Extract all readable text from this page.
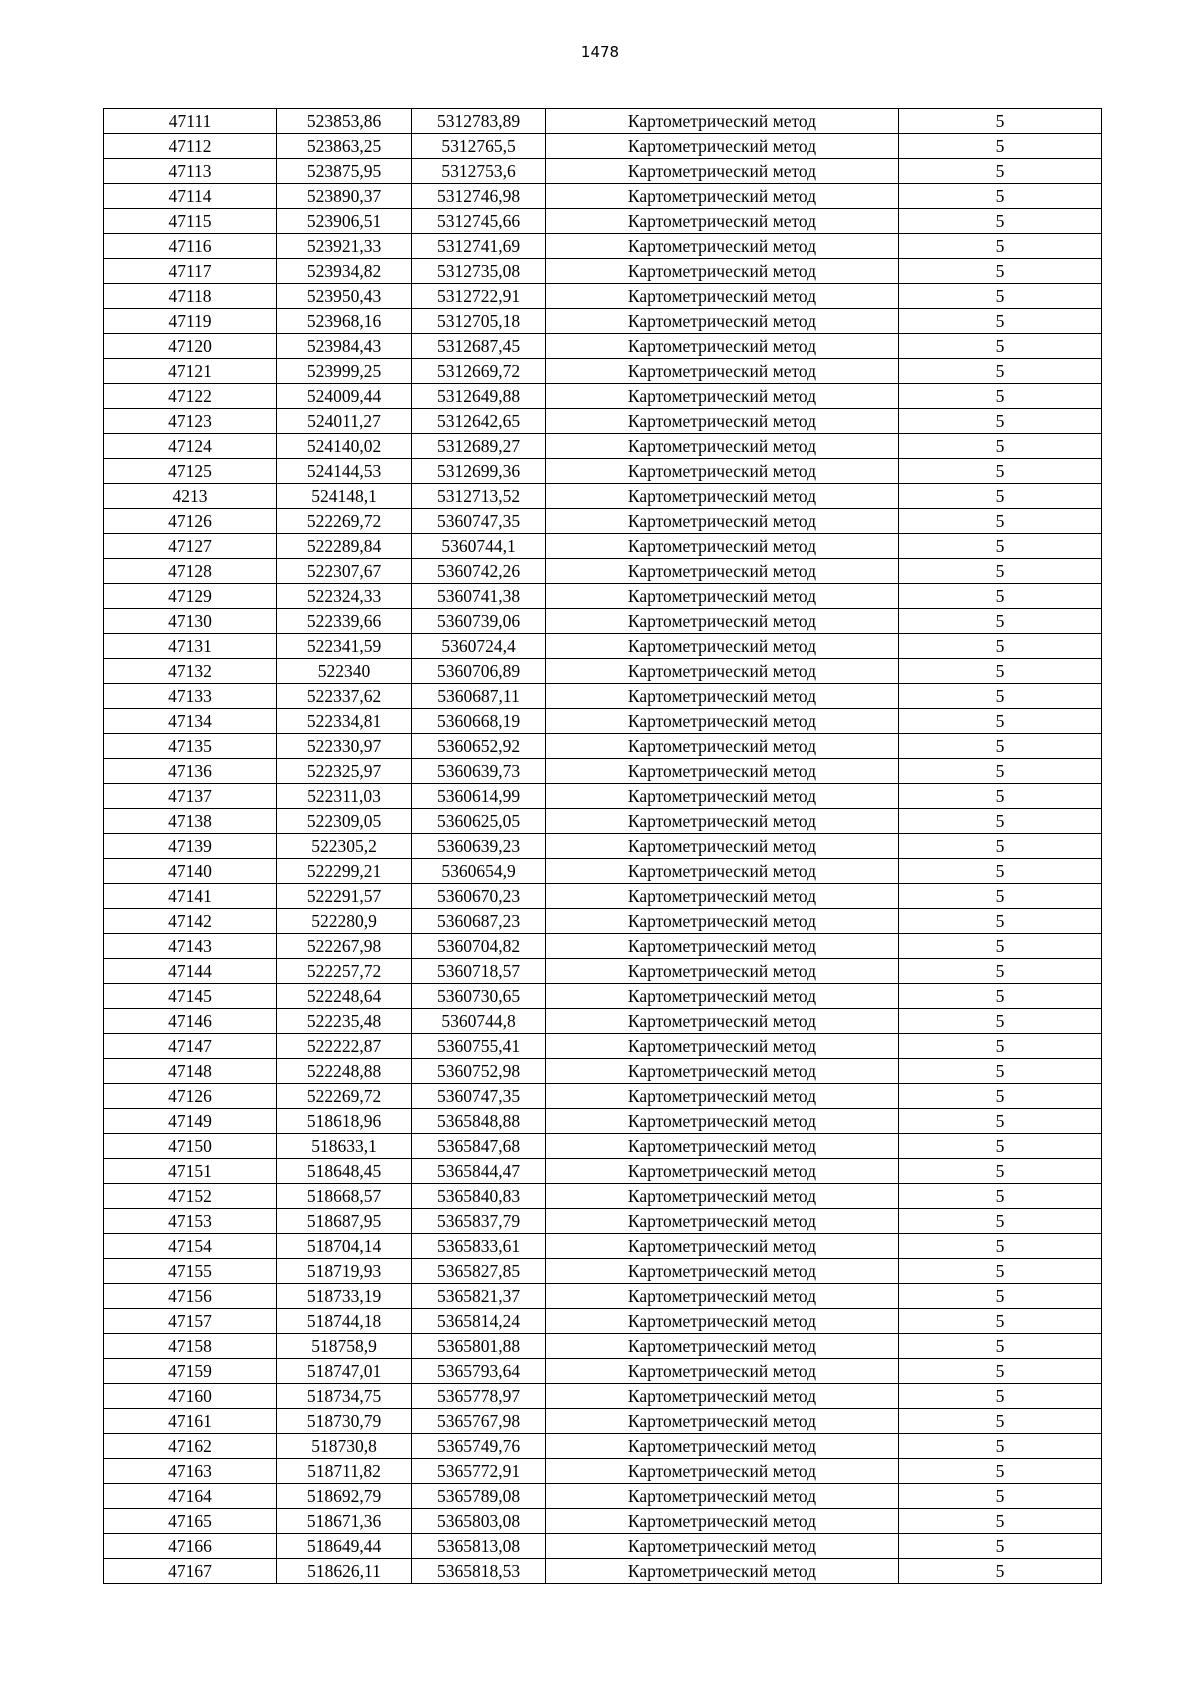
1478
47111	523853,86	5312783,89	Картометрический метод	5
47112	523863,25	5312765,5	Картометрический метод	5
47113	523875,95	5312753,6	Картометрический метод	5
47114	523890,37	5312746,98	Картометрический метод	5
47115	523906,51	5312745,66	Картометрический метод	5
47116	523921,33	5312741,69	Картометрический метод	5
47117	523934,82	5312735,08	Картометрический метод	5
47118	523950,43	5312722,91	Картометрический метод	5
47119	523968,16	5312705,18	Картометрический метод	5
47120	523984,43	5312687,45	Картометрический метод	5
47121	523999,25	5312669,72	Картометрический метод	5
47122	524009,44	5312649,88	Картометрический метод	5
47123	524011,27	5312642,65	Картометрический метод	5
47124	524140,02	5312689,27	Картометрический метод	5
47125	524144,53	5312699,36	Картометрический метод	5
4213	524148,1	5312713,52	Картометрический метод	5
47126	522269,72	5360747,35	Картометрический метод	5
47127	522289,84	5360744,1	Картометрический метод	5
47128	522307,67	5360742,26	Картометрический метод	5
47129	522324,33	5360741,38	Картометрический метод	5
47130	522339,66	5360739,06	Картометрический метод	5
47131	522341,59	5360724,4	Картометрический метод	5
47132	522340	5360706,89	Картометрический метод	5
47133	522337,62	5360687,11	Картометрический метод	5
47134	522334,81	5360668,19	Картометрический метод	5
47135	522330,97	5360652,92	Картометрический метод	5
47136	522325,97	5360639,73	Картометрический метод	5
47137	522311,03	5360614,99	Картометрический метод	5
47138	522309,05	5360625,05	Картометрический метод	5
47139	522305,2	5360639,23	Картометрический метод	5
47140	522299,21	5360654,9	Картометрический метод	5
47141	522291,57	5360670,23	Картометрический метод	5
47142	522280,9	5360687,23	Картометрический метод	5
47143	522267,98	5360704,82	Картометрический метод	5
47144	522257,72	5360718,57	Картометрический метод	5
47145	522248,64	5360730,65	Картометрический метод	5
47146	522235,48	5360744,8	Картометрический метод	5
47147	522222,87	5360755,41	Картометрический метод	5
47148	522248,88	5360752,98	Картометрический метод	5
47126	522269,72	5360747,35	Картометрический метод	5
47149	518618,96	5365848,88	Картометрический метод	5
47150	518633,1	5365847,68	Картометрический метод	5
47151	518648,45	5365844,47	Картометрический метод	5
47152	518668,57	5365840,83	Картометрический метод	5
47153	518687,95	5365837,79	Картометрический метод	5
47154	518704,14	5365833,61	Картометрический метод	5
47155	518719,93	5365827,85	Картометрический метод	5
47156	518733,19	5365821,37	Картометрический метод	5
47157	518744,18	5365814,24	Картометрический метод	5
47158	518758,9	5365801,88	Картометрический метод	5
47159	518747,01	5365793,64	Картометрический метод	5
47160	518734,75	5365778,97	Картометрический метод	5
47161	518730,79	5365767,98	Картометрический метод	5
47162	518730,8	5365749,76	Картометрический метод	5
47163	518711,82	5365772,91	Картометрический метод	5
47164	518692,79	5365789,08	Картометрический метод	5
47165	518671,36	5365803,08	Картометрический метод	5
47166	518649,44	5365813,08	Картометрический метод	5
47167	518626,11	5365818,53	Картометрический метод	5
